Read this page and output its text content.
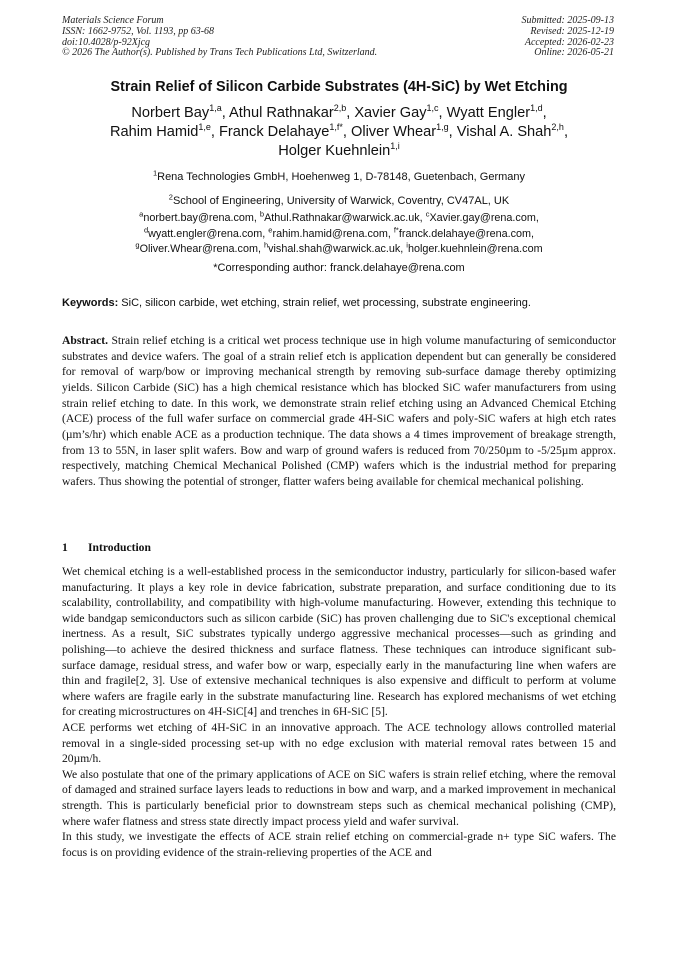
Materials Science Forum
ISSN: 1662-9752, Vol. 1193, pp 63-68
doi:10.4028/p-92Xjcg
© 2026 The Author(s). Published by Trans Tech Publications Ltd, Switzerland.
Submitted: 2025-09-13
Revised: 2025-12-19
Accepted: 2026-02-23
Online: 2026-05-21
Strain Relief of Silicon Carbide Substrates (4H-SiC) by Wet Etching
Norbert Bay$^{1,a}$, Athul Rathnakar$^{2,b}$, Xavier Gay$^{1,c}$, Wyatt Engler$^{1,d}$,
Rahim Hamid$^{1,e}$, Franck Delahaye$^{1,f*}$, Oliver Whear$^{1,g}$, Vishal A. Shah$^{2,h}$,
Holger Kuehnlein$^{1,i}$
$^1$Rena Technologies GmbH, Hoehenweg 1, D-78148, Guetenbach, Germany
$^2$School of Engineering, University of Warwick, Coventry, CV47AL, UK
$^a$norbert.bay@rena.com, $^b$Athul.Rathnakar@warwick.ac.uk, $^c$Xavier.gay@rena.com,
$^d$wyatt.engler@rena.com, $^e$rahim.hamid@rena.com, $^{f*}$franck.delahaye@rena.com,
$^g$Oliver.Whear@rena.com, $^h$vishal.shah@warwick.ac.uk, $^i$holger.kuehnlein@rena.com
*Corresponding author: franck.delahaye@rena.com
Keywords: SiC, silicon carbide, wet etching, strain relief, wet processing, substrate engineering.
Abstract. Strain relief etching is a critical wet process technique use in high volume manufacturing of semiconductor substrates and device wafers. The goal of a strain relief etch is application dependent but can generally be considered for removal of warp/bow or improving mechanical strength by removing sub-surface damage thereby optimizing yields. Silicon Carbide (SiC) has a high chemical resistance which has blocked SiC wafer manufacturers from using strain relief etching to date. In this work, we demonstrate strain relief etching using an Advanced Chemical Etching (ACE) process of the full wafer surface on commercial grade 4H-SiC wafers and poly-SiC wafers at high etch rates (µm’s/hr) which enable ACE as a production technique. The data shows a 4 times improvement of breakage strength, from 13 to 55N, in laser split wafers. Bow and warp of ground wafers is reduced from 70/250µm to -5/25µm approx. respectively, matching Chemical Mechanical Polished (CMP) wafers which is the industrial method for preparing wafers. Thus showing the potential of stronger, flatter wafers being available for chemical mechanical polishing.
1 Introduction

Wet chemical etching is a well-established process in the semiconductor industry, particularly for silicon-based wafer manufacturing. It plays a key role in device fabrication, substrate preparation, and surface conditioning due to its scalability, controllability, and compatibility with high-volume manufacturing. However, extending this technique to wide bandgap semiconductors such as silicon carbide (SiC) has proven challenging due to SiC's exceptional chemical inertness. As a result, SiC substrates typically undergo aggressive mechanical processes—such as grinding and polishing—to achieve the desired thickness and surface flatness. These techniques can introduce significant sub-surface damage, residual stress, and wafer bow or warp, especially early in the manufacturing line when wafers are thin and fragile[2, 3]. Use of extensive mechanical techniques is also expensive and difficult to perform at volume where wafers are fragile early in the substrate manufacturing line. Research has explored mechanisms of wet etching for creating microstructures on 4H-SiC[4] and trenches in 6H-SiC [5].

ACE performs wet etching of 4H-SiC in an innovative approach. The ACE technology allows controlled material removal in a single-sided processing set-up with no edge exclusion with material removal rates between 15 and 20µm/h.

We also postulate that one of the primary applications of ACE on SiC wafers is strain relief etching, where the removal of damaged and strained surface layers leads to reductions in bow and warp, and a marked improvement in mechanical strength. This is particularly beneficial prior to downstream steps such as chemical mechanical polishing (CMP), where wafer flatness and stress state directly impact process yield and wafer survival.

In this study, we investigate the effects of ACE strain relief etching on commercial-grade n+ type SiC wafers. The focus is on providing evidence of the strain-relieving properties of the ACE and
